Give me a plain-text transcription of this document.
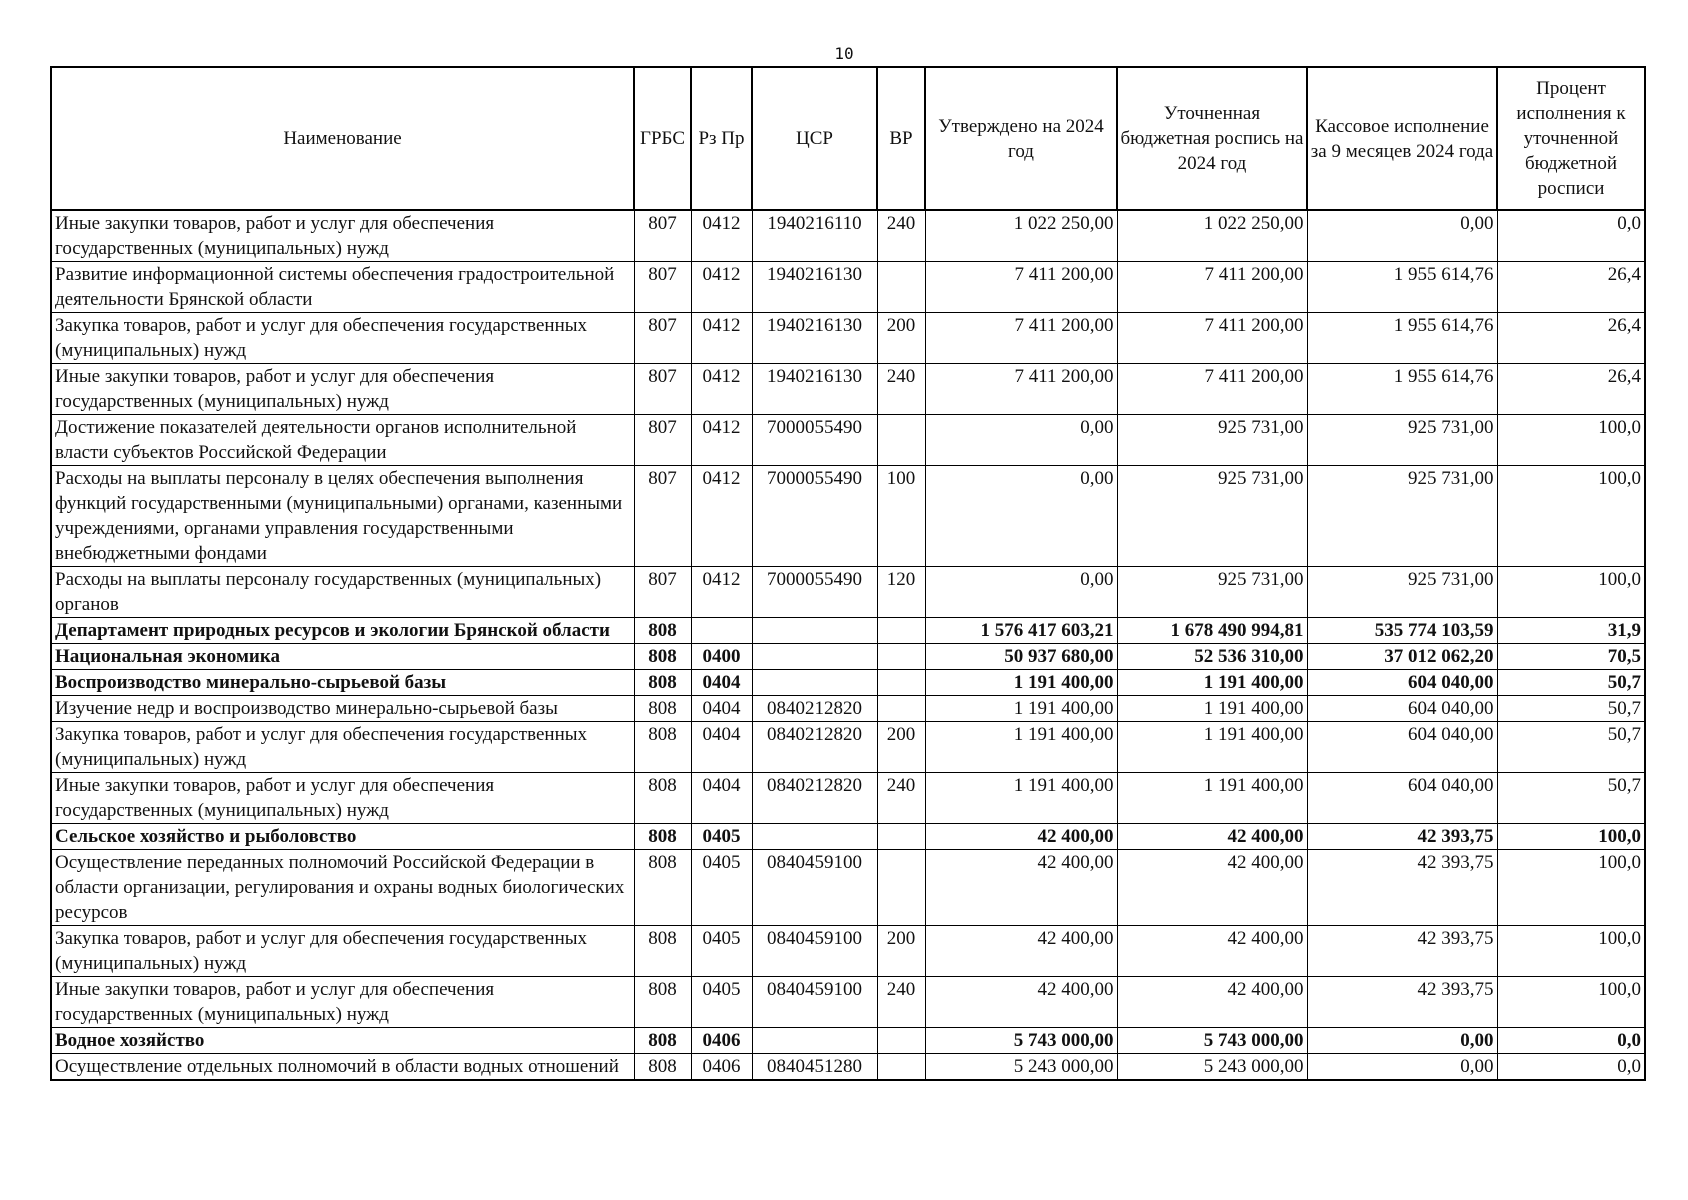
10
Наименование	ГРБС	Рз Пр	ЦСР	ВР	Утверждено на 2024 год	Уточненная бюджетная роспись на 2024 год	Кассовое исполнение за 9 месяцев 2024 года	Процент исполнения к уточненной бюджетной росписи
Иные закупки товаров, работ и услуг для обеспечения государственных (муниципальных) нужд	807	0412	1940216110	240	1 022 250,00	1 022 250,00	0,00	0,0
Развитие информационной системы обеспечения градостроительной деятельности Брянской области	807	0412	1940216130		7 411 200,00	7 411 200,00	1 955 614,76	26,4
Закупка товаров, работ и услуг для обеспечения государственных (муниципальных) нужд	807	0412	1940216130	200	7 411 200,00	7 411 200,00	1 955 614,76	26,4
Иные закупки товаров, работ и услуг для обеспечения государственных (муниципальных) нужд	807	0412	1940216130	240	7 411 200,00	7 411 200,00	1 955 614,76	26,4
Достижение показателей деятельности органов исполнительной власти субъектов Российской Федерации	807	0412	7000055490		0,00	925 731,00	925 731,00	100,0
Расходы на выплаты персоналу в целях обеспечения выполнения функций государственными (муниципальными) органами, казенными учреждениями, органами управления государственными внебюджетными фондами	807	0412	7000055490	100	0,00	925 731,00	925 731,00	100,0
Расходы на выплаты персоналу государственных (муниципальных) органов	807	0412	7000055490	120	0,00	925 731,00	925 731,00	100,0
Департамент природных ресурсов и экологии Брянской области	808				1 576 417 603,21	1 678 490 994,81	535 774 103,59	31,9
Национальная экономика	808	0400			50 937 680,00	52 536 310,00	37 012 062,20	70,5
Воспроизводство минерально-сырьевой базы	808	0404			1 191 400,00	1 191 400,00	604 040,00	50,7
Изучение недр и воспроизводство минерально-сырьевой базы	808	0404	0840212820		1 191 400,00	1 191 400,00	604 040,00	50,7
Закупка товаров, работ и услуг для обеспечения государственных (муниципальных) нужд	808	0404	0840212820	200	1 191 400,00	1 191 400,00	604 040,00	50,7
Иные закупки товаров, работ и услуг для обеспечения государственных (муниципальных) нужд	808	0404	0840212820	240	1 191 400,00	1 191 400,00	604 040,00	50,7
Сельское хозяйство и рыболовство	808	0405			42 400,00	42 400,00	42 393,75	100,0
Осуществление переданных полномочий Российской Федерации в области организации, регулирования и охраны водных биологических ресурсов	808	0405	0840459100		42 400,00	42 400,00	42 393,75	100,0
Закупка товаров, работ и услуг для обеспечения государственных (муниципальных) нужд	808	0405	0840459100	200	42 400,00	42 400,00	42 393,75	100,0
Иные закупки товаров, работ и услуг для обеспечения государственных (муниципальных) нужд	808	0405	0840459100	240	42 400,00	42 400,00	42 393,75	100,0
Водное хозяйство	808	0406			5 743 000,00	5 743 000,00	0,00	0,0
Осуществление отдельных полномочий в области водных отношений	808	0406	0840451280		5 243 000,00	5 243 000,00	0,00	0,0
